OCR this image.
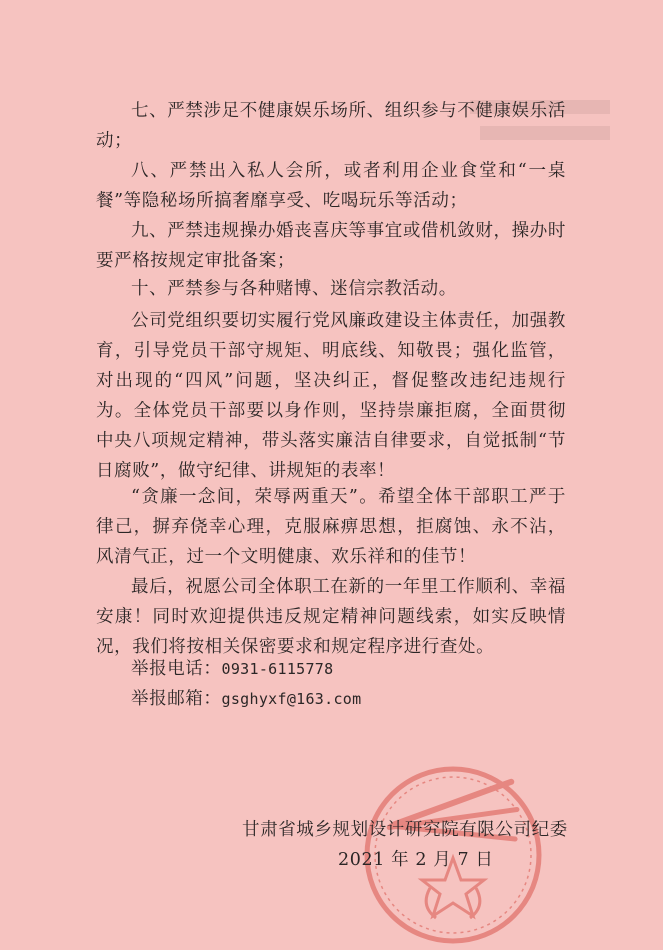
七、严禁涉足不健康娱乐场所、组织参与不健康娱乐活动；

八、严禁出入私人会所，或者利用企业食堂和“一桌餐”等隐秘场所搞奢靡享受、吃喝玩乐等活动；

九、严禁违规操办婚丧喜庆等事宜或借机敛财，操办时要严格按规定审批备案；

十、严禁参与各种赌博、迷信宗教活动。

公司党组织要切实履行党风廉政建设主体责任，加强教育，引导党员干部守规矩、明底线、知敬畏；强化监管，对出现的“四风”问题，坚决纠正，督促整改违纪违规行为。全体党员干部要以身作则，坚持崇廉拒腐，全面贯彻中央八项规定精神，带头落实廉洁自律要求，自觉抵制“节日腐败”，做守纪律、讲规矩的表率！

“贪廉一念间，荣辱两重天”。希望全体干部职工严于律己，摒弃侥幸心理，克服麻痹思想，拒腐蚀、永不沾，风清气正，过一个文明健康、欢乐祥和的佳节！

最后，祝愿公司全体职工在新的一年里工作顺利、幸福安康！同时欢迎提供违反规定精神问题线索，如实反映情况，我们将按相关保密要求和规定程序进行查处。

举报电话：0931-6115778

举报邮箱：gsghyxf@163.com

甘肃省城乡规划设计研究院有限公司纪委
2021 年 2 月 7 日
